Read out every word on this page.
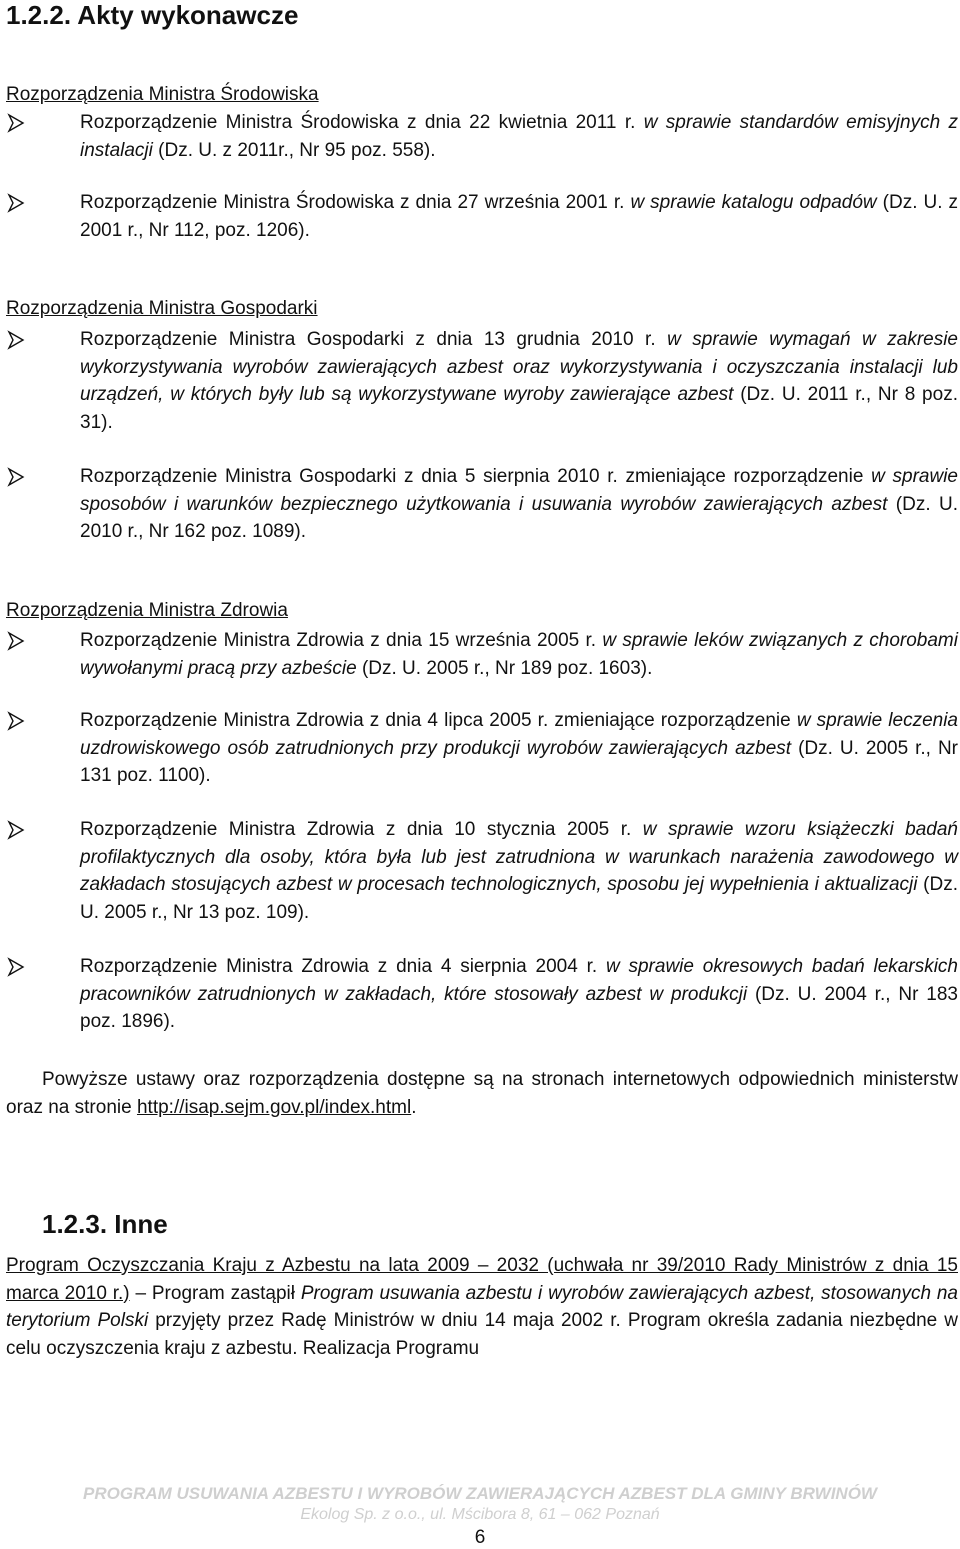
1.2.2. Akty wykonawcze
Rozporządzenia Ministra Środowiska

Rozporządzenie Ministra Środowiska z dnia 22 kwietnia 2011 r. w sprawie standardów emisyjnych z instalacji (Dz. U. z 2011r., Nr 95 poz. 558).

Rozporządzenie Ministra Środowiska z dnia 27 września 2001 r. w sprawie katalogu odpadów (Dz. U. z 2001 r., Nr 112, poz. 1206).

Rozporządzenia Ministra Gospodarki

Rozporządzenie Ministra Gospodarki z dnia 13 grudnia 2010 r. w sprawie wymagań w zakresie wykorzystywania wyrobów zawierających azbest oraz wykorzystywania i oczyszczania instalacji lub urządzeń, w których były lub są wykorzystywane wyroby zawierające azbest (Dz. U. 2011 r., Nr 8 poz. 31).

Rozporządzenie Ministra Gospodarki z dnia 5 sierpnia 2010 r. zmieniające rozporządzenie w sprawie sposobów i warunków bezpiecznego użytkowania i usuwania wyrobów zawierających azbest (Dz. U. 2010 r., Nr 162 poz. 1089).

Rozporządzenia Ministra Zdrowia

Rozporządzenie Ministra Zdrowia z dnia 15 września 2005 r. w sprawie leków związanych z chorobami wywołanymi pracą przy azbeście (Dz. U. 2005 r., Nr 189 poz. 1603).

Rozporządzenie Ministra Zdrowia z dnia 4 lipca 2005 r. zmieniające rozporządzenie w sprawie leczenia uzdrowiskowego osób zatrudnionych przy produkcji wyrobów zawierających azbest (Dz. U. 2005 r., Nr 131 poz. 1100).

Rozporządzenie Ministra Zdrowia z dnia 10 stycznia 2005 r. w sprawie wzoru książeczki badań profilaktycznych dla osoby, która była lub jest zatrudniona w warunkach narażenia zawodowego w zakładach stosujących azbest w procesach technologicznych, sposobu jej wypełnienia i aktualizacji (Dz. U. 2005 r., Nr 13 poz. 109).

Rozporządzenie Ministra Zdrowia z dnia 4 sierpnia 2004 r. w sprawie okresowych badań lekarskich pracowników zatrudnionych w zakładach, które stosowały azbest w produkcji (Dz. U. 2004 r., Nr 183 poz. 1896).

Powyższe ustawy oraz rozporządzenia dostępne są na stronach internetowych odpowiednich ministerstw oraz na stronie http://isap.sejm.gov.pl/index.html.

1.2.3. Inne

Program Oczyszczania Kraju z Azbestu na lata 2009 – 2032 (uchwała nr 39/2010 Rady Ministrów z dnia 15 marca 2010 r.) – Program zastąpił Program usuwania azbestu i wyrobów zawierających azbest, stosowanych na terytorium Polski przyjęty przez Radę Ministrów w dniu 14 maja 2002 r. Program określa zadania niezbędne w celu oczyszczenia kraju z azbestu. Realizacja Programu

PROGRAM USUWANIA AZBESTU I WYROBÓW ZAWIERAJĄCYCH AZBEST DLA GMINY BRWINÓW
Ekolog Sp. z o.o., ul. Mścibora 8, 61 – 062 Poznań
6
